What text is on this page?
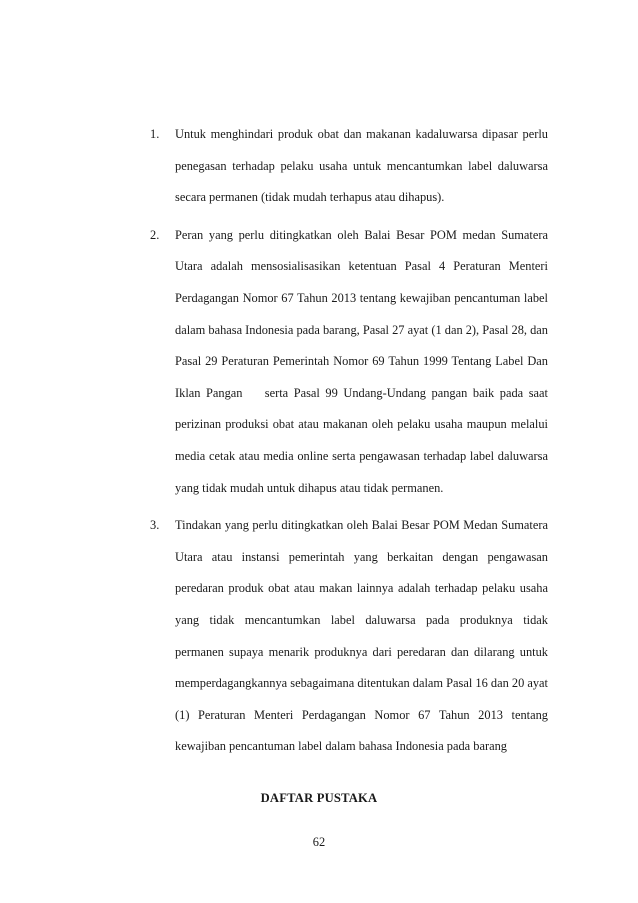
1. Untuk menghindari produk obat dan makanan kadaluwarsa dipasar perlu penegasan terhadap pelaku usaha untuk mencantumkan label daluwarsa secara permanen (tidak mudah terhapus atau dihapus).
2. Peran yang perlu ditingkatkan oleh Balai Besar POM medan Sumatera Utara adalah mensosialisasikan ketentuan Pasal 4 Peraturan Menteri Perdagangan Nomor 67 Tahun 2013 tentang kewajiban pencantuman label dalam bahasa Indonesia pada barang, Pasal 27 ayat (1 dan 2), Pasal 28, dan Pasal 29 Peraturan Pemerintah Nomor 69 Tahun 1999 Tentang Label Dan Iklan Pangan    serta Pasal 99 Undang-Undang pangan baik pada saat perizinan produksi obat atau makanan oleh pelaku usaha maupun melalui media cetak atau media online serta pengawasan terhadap label daluwarsa yang tidak mudah untuk dihapus atau tidak permanen.
3. Tindakan yang perlu ditingkatkan oleh Balai Besar POM Medan Sumatera Utara atau instansi pemerintah yang berkaitan dengan pengawasan peredaran produk obat atau makan lainnya adalah terhadap pelaku usaha yang tidak mencantumkan label daluwarsa pada produknya tidak permanen supaya menarik produknya dari peredaran dan dilarang untuk memperdagangkannya sebagaimana ditentukan dalam Pasal 16 dan 20 ayat (1) Peraturan Menteri Perdagangan Nomor 67 Tahun 2013 tentang kewajiban pencantuman label dalam bahasa Indonesia pada barang
DAFTAR PUSTAKA
62
